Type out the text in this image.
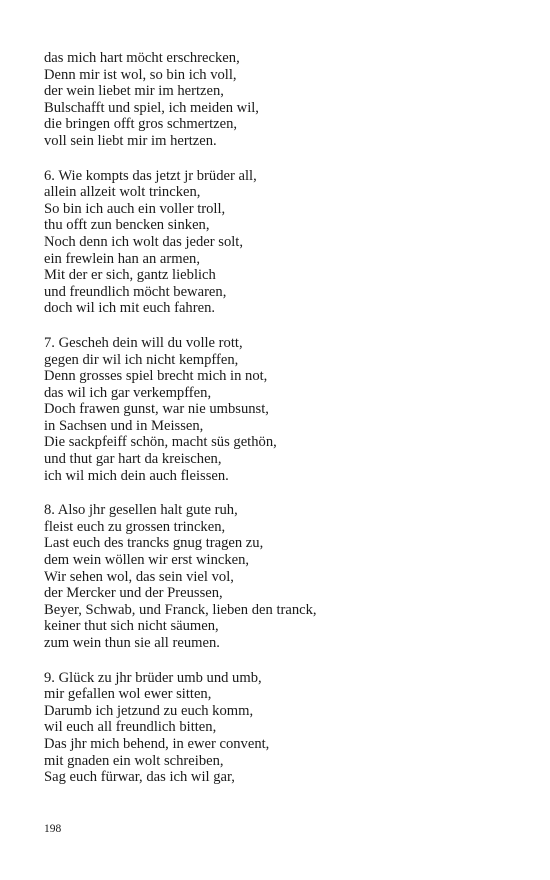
das mich hart möcht erschrecken,
Denn mir ist wol, so bin ich voll,
der wein liebet mir im hertzen,
Bulschafft und spiel, ich meiden wil,
die bringen offt gros schmertzen,
voll sein liebt mir im hertzen.
6. Wie kompts das jetzt jr brüder all,
allein allzeit wolt trincken,
So bin ich auch ein voller troll,
thu offt zun bencken sinken,
Noch denn ich wolt das jeder solt,
ein frewlein han an armen,
Mit der er sich, gantz lieblich
und freundlich möcht bewaren,
doch wil ich mit euch fahren.
7. Gescheh dein will du volle rott,
gegen dir wil ich nicht kempffen,
Denn grosses spiel brecht mich in not,
das wil ich gar verkempffen,
Doch frawen gunst, war nie umbsunst,
in Sachsen und in Meissen,
Die sackpfeiff schön, macht süs gethön,
und thut gar hart da kreischen,
ich wil mich dein auch fleissen.
8. Also jhr gesellen halt gute ruh,
fleist euch zu grossen trincken,
Last euch des trancks gnug tragen zu,
dem wein wöllen wir erst wincken,
Wir sehen wol, das sein viel vol,
der Mercker und der Preussen,
Beyer, Schwab, und Franck, lieben den tranck,
keiner thut sich nicht säumen,
zum wein thun sie all reumen.
9. Glück zu jhr brüder umb und umb,
mir gefallen wol ewer sitten,
Darumb ich jetzund zu euch komm,
wil euch all freundlich bitten,
Das jhr mich behend, in ewer convent,
mit gnaden ein wolt schreiben,
Sag euch fürwar, das ich wil gar,
198
